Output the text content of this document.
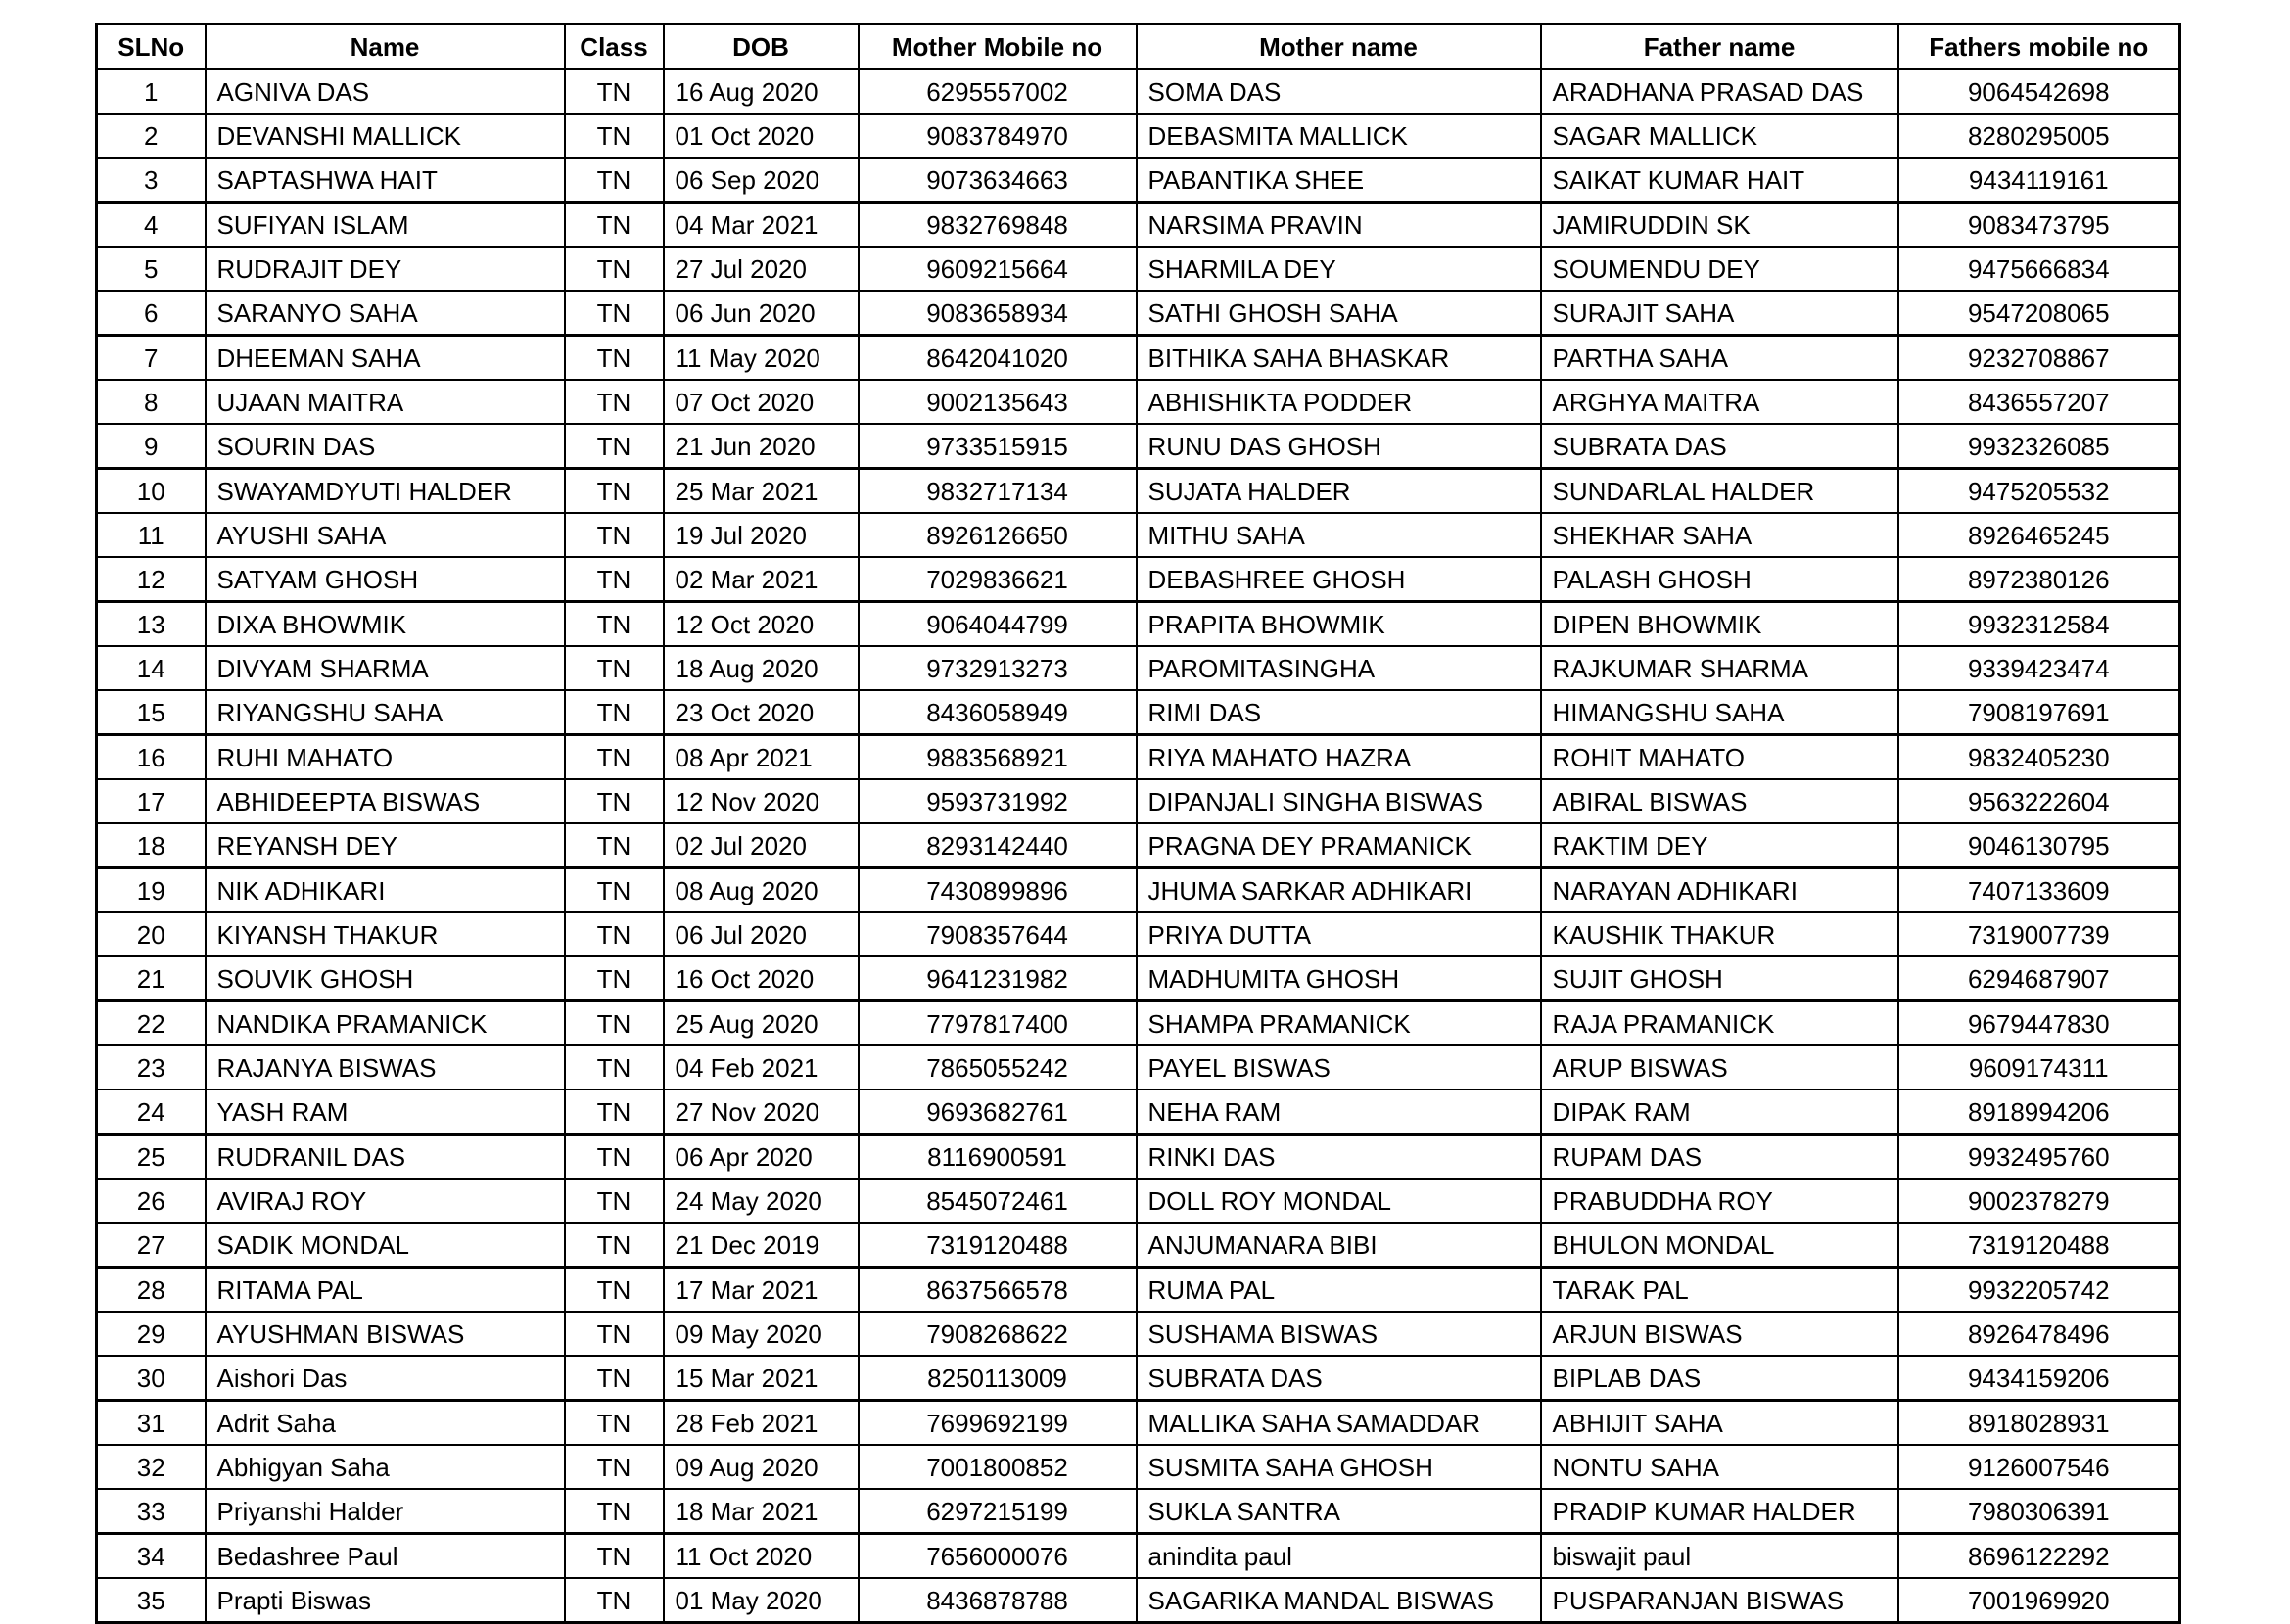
SLNo	Name	Class	DOB	Mother Mobile no	Mother name	Father name	Fathers mobile no
1	AGNIVA DAS	TN	16 Aug 2020	6295557002	SOMA DAS	ARADHANA PRASAD DAS	9064542698
2	DEVANSHI MALLICK	TN	01 Oct 2020	9083784970	DEBASMITA MALLICK	SAGAR MALLICK	8280295005
3	SAPTASHWA HAIT	TN	06 Sep 2020	9073634663	PABANTIKA SHEE	SAIKAT KUMAR HAIT	9434119161
4	SUFIYAN ISLAM	TN	04 Mar 2021	9832769848	NARSIMA PRAVIN	JAMIRUDDIN SK	9083473795
5	RUDRAJIT DEY	TN	27 Jul 2020	9609215664	SHARMILA DEY	SOUMENDU DEY	9475666834
6	SARANYO SAHA	TN	06 Jun 2020	9083658934	SATHI GHOSH SAHA	SURAJIT SAHA	9547208065
7	DHEEMAN SAHA	TN	11 May 2020	8642041020	BITHIKA SAHA BHASKAR	PARTHA SAHA	9232708867
8	UJAAN MAITRA	TN	07 Oct 2020	9002135643	ABHISHIKTA PODDER	ARGHYA MAITRA	8436557207
9	SOURIN DAS	TN	21 Jun 2020	9733515915	RUNU DAS GHOSH	SUBRATA DAS	9932326085
10	SWAYAMDYUTI HALDER	TN	25 Mar 2021	9832717134	SUJATA HALDER	SUNDARLAL HALDER	9475205532
11	AYUSHI SAHA	TN	19 Jul 2020	8926126650	MITHU SAHA	SHEKHAR SAHA	8926465245
12	SATYAM GHOSH	TN	02 Mar 2021	7029836621	DEBASHREE GHOSH	PALASH GHOSH	8972380126
13	DIXA BHOWMIK	TN	12 Oct 2020	9064044799	PRAPITA BHOWMIK	DIPEN BHOWMIK	9932312584
14	DIVYAM SHARMA	TN	18 Aug 2020	9732913273	PAROMITASINGHA	RAJKUMAR SHARMA	9339423474
15	RIYANGSHU SAHA	TN	23 Oct 2020	8436058949	RIMI DAS	HIMANGSHU SAHA	7908197691
16	RUHI MAHATO	TN	08 Apr 2021	9883568921	RIYA MAHATO HAZRA	ROHIT MAHATO	9832405230
17	ABHIDEEPTA BISWAS	TN	12 Nov 2020	9593731992	DIPANJALI SINGHA BISWAS	ABIRAL BISWAS	9563222604
18	REYANSH DEY	TN	02 Jul 2020	8293142440	PRAGNA DEY PRAMANICK	RAKTIM DEY	9046130795
19	NIK ADHIKARI	TN	08 Aug 2020	7430899896	JHUMA SARKAR ADHIKARI	NARAYAN ADHIKARI	7407133609
20	KIYANSH THAKUR	TN	06 Jul 2020	7908357644	PRIYA DUTTA	KAUSHIK THAKUR	7319007739
21	SOUVIK GHOSH	TN	16 Oct 2020	9641231982	MADHUMITA GHOSH	SUJIT GHOSH	6294687907
22	NANDIKA PRAMANICK	TN	25 Aug 2020	7797817400	SHAMPA PRAMANICK	RAJA PRAMANICK	9679447830
23	RAJANYA BISWAS	TN	04 Feb 2021	7865055242	PAYEL BISWAS	ARUP BISWAS	9609174311
24	YASH RAM	TN	27 Nov 2020	9693682761	NEHA RAM	DIPAK RAM	8918994206
25	RUDRANIL DAS	TN	06 Apr 2020	8116900591	RINKI DAS	RUPAM DAS	9932495760
26	AVIRAJ ROY	TN	24 May 2020	8545072461	DOLL ROY MONDAL	PRABUDDHA ROY	9002378279
27	SADIK MONDAL	TN	21 Dec 2019	7319120488	ANJUMANARA BIBI	BHULON MONDAL	7319120488
28	RITAMA PAL	TN	17 Mar 2021	8637566578	RUMA PAL	TARAK PAL	9932205742
29	AYUSHMAN BISWAS	TN	09 May 2020	7908268622	SUSHAMA BISWAS	ARJUN BISWAS	8926478496
30	Aishori Das	TN	15 Mar 2021	8250113009	SUBRATA DAS	BIPLAB DAS	9434159206
31	Adrit Saha	TN	28 Feb 2021	7699692199	MALLIKA SAHA SAMADDAR	ABHIJIT SAHA	8918028931
32	Abhigyan Saha	TN	09 Aug 2020	7001800852	SUSMITA SAHA GHOSH	NONTU SAHA	9126007546
33	Priyanshi Halder	TN	18 Mar 2021	6297215199	SUKLA SANTRA	PRADIP KUMAR HALDER	7980306391
34	Bedashree Paul	TN	11 Oct 2020	7656000076	anindita paul	biswajit paul	8696122292
35	Prapti Biswas	TN	01 May 2020	8436878788	SAGARIKA MANDAL BISWAS	PUSPARANJAN BISWAS	7001969920
